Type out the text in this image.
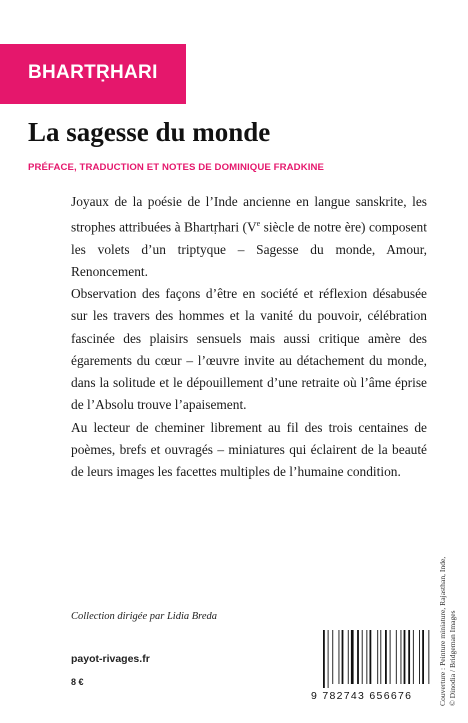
BHARTṚHARI
La sagesse du monde
PRÉFACE, TRADUCTION ET NOTES DE DOMINIQUE FRADKINE

Joyaux de la poésie de l’Inde ancienne en langue sanskrite, les strophes attribuées à Bhartṛhari (Ve siècle de notre ère) composent les volets d’un triptyque – Sagesse du monde, Amour, Renoncement.

Observation des façons d’être en société et réflexion désabusée sur les travers des hommes et la vanité du pouvoir, célébration fascinée des plaisirs sensuels mais aussi critique amère des égarements du cœur – l’œuvre invite au détachement du monde, dans la solitude et le dépouillement d’une retraite où l’âme éprise de l’Absolu trouve l’apaisement.

Au lecteur de cheminer librement au fil des trois centaines de poèmes, brefs et ouvragés – miniatures qui éclairent de la beauté de leurs images les facettes multiples de l’humaine condition.

Collection dirigée par Lidia Breda
payot-rivages.fr
8 €
9 782743 656676	Couverture : Peinture miniature, Rajasthan, Inde, © Dinodia / Bridgeman Images
